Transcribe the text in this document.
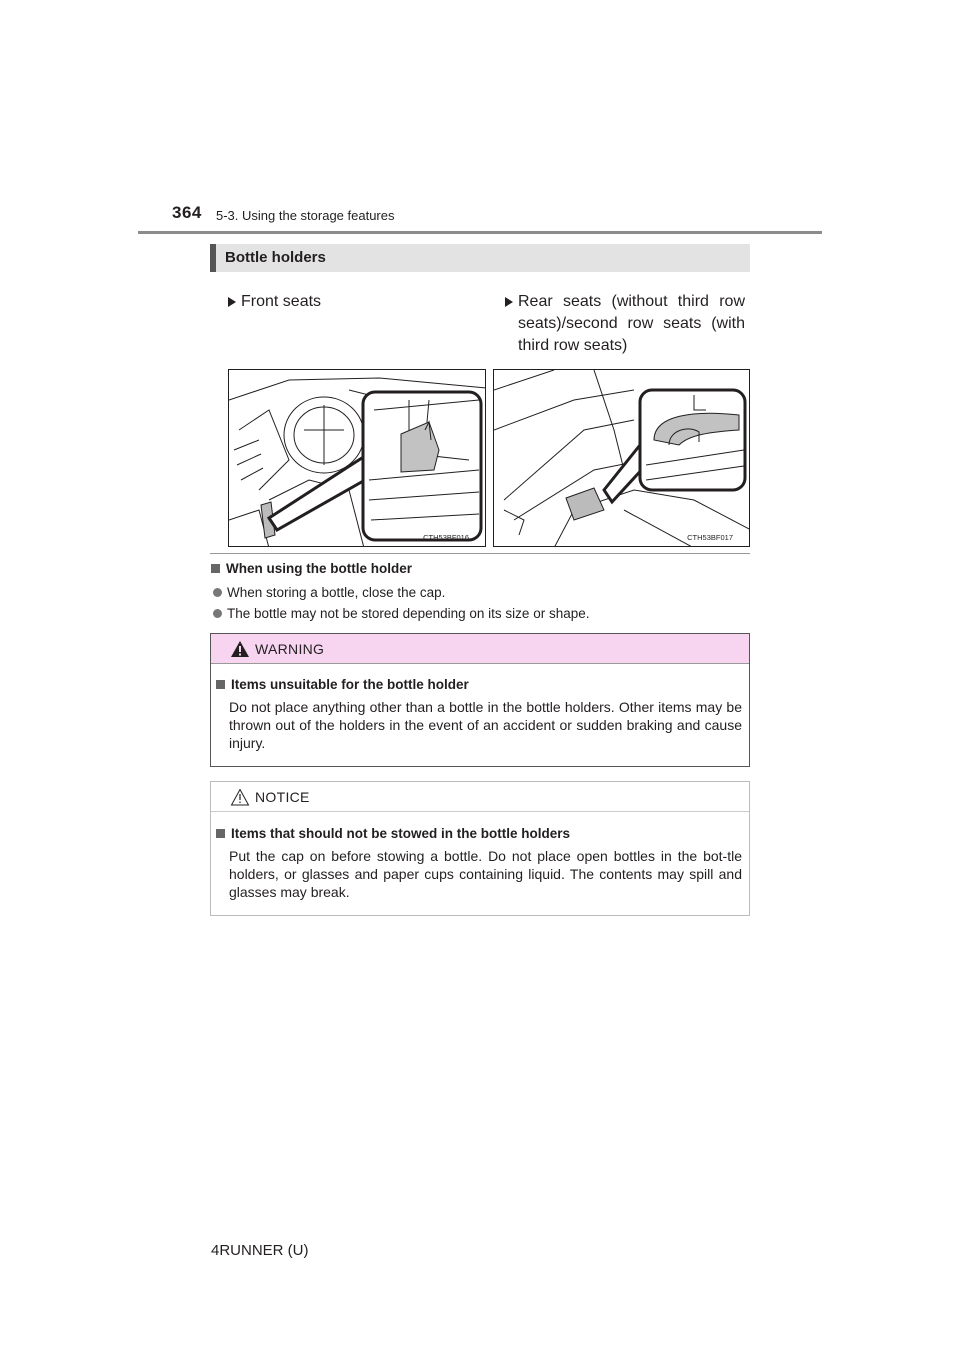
364 5-3. Using the storage features
Bottle holders
Front seats	Rear seats (without third row seats)/second row seats (with third row seats)
CTH53BF016	CTH53BF017
When using the bottle holder
When storing a bottle, close the cap.
The bottle may not be stored depending on its size or shape.
WARNING
Items unsuitable for the bottle holder
Do not place anything other than a bottle in the bottle holders. Other items may be thrown out of the holders in the event of an accident or sudden braking and cause injury.
NOTICE
Items that should not be stowed in the bottle holders
Put the cap on before stowing a bottle. Do not place open bottles in the bot-tle holders, or glasses and paper cups containing liquid. The contents may spill and glasses may break.
4RUNNER (U)
